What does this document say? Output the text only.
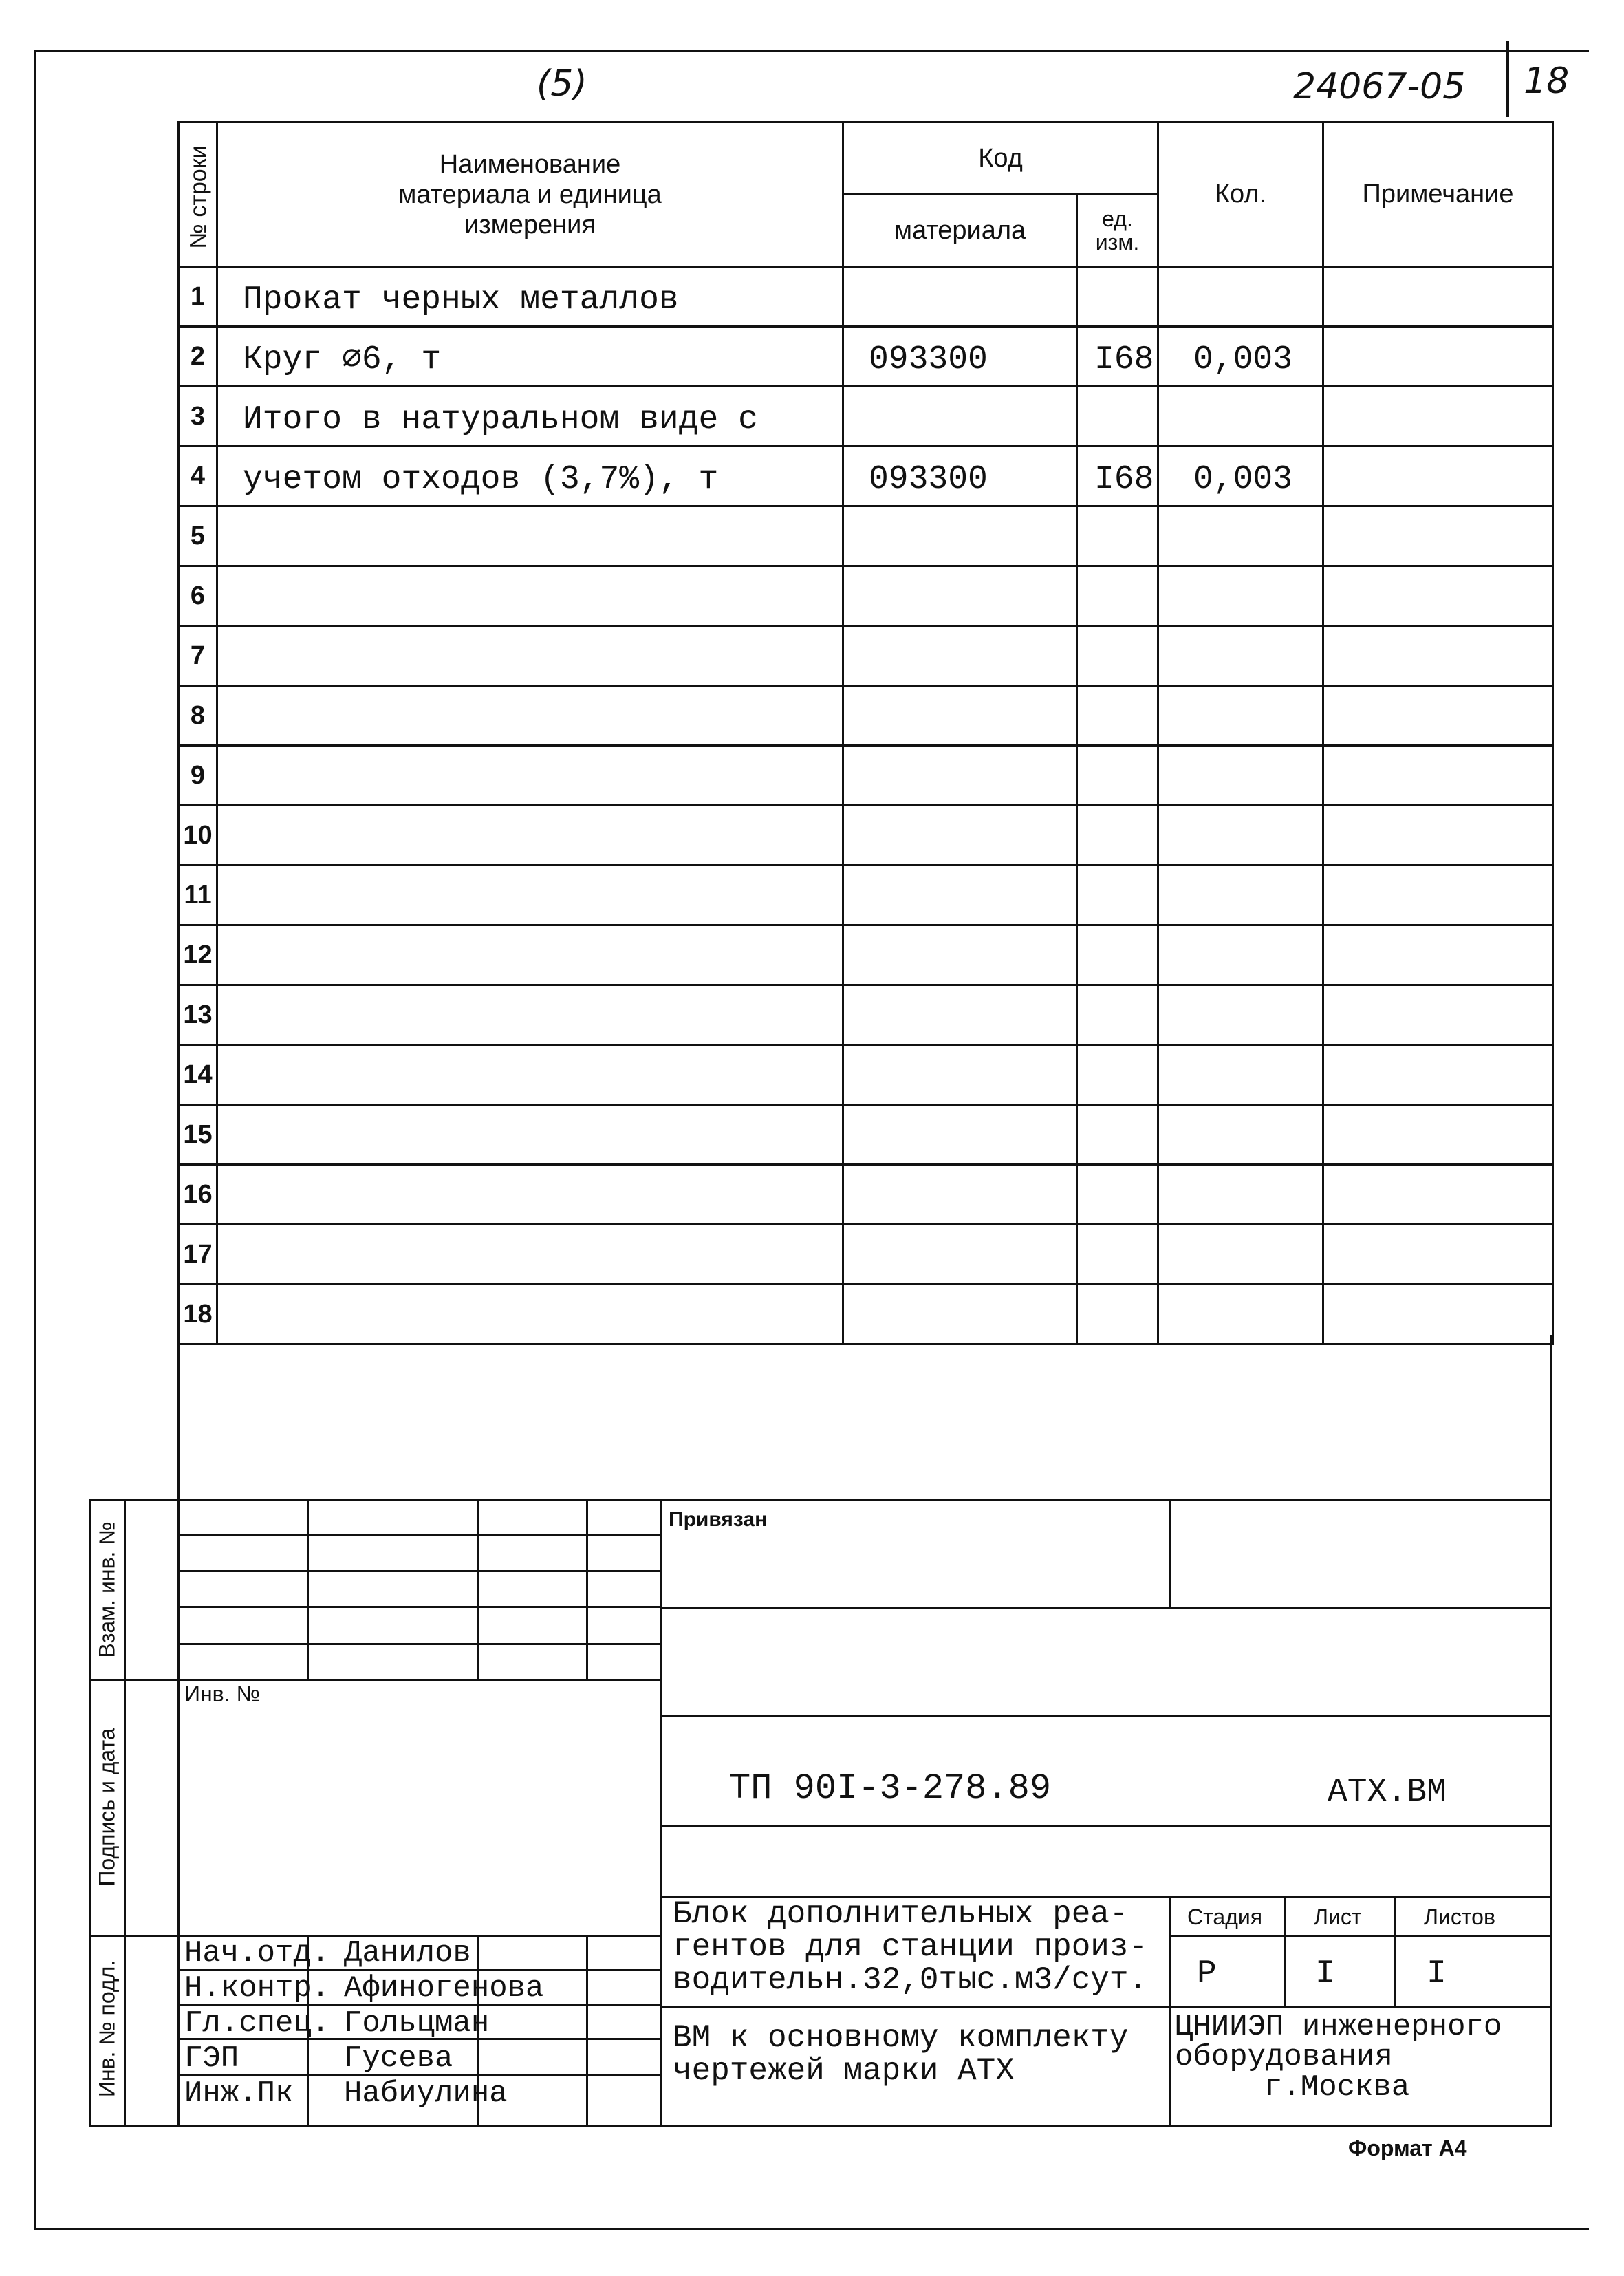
(5)	24067-05 18
№ строки	Наименование материала и единица измерения	Код		Кол.	Примечание
		материала	ед. изм.		

1	Прокат черных металлов				
2	Круг ∅6, т	093300	I68	0,003	
3	Итого в натуральном виде с				
4	учетом отходов (3,7%), т	093300	I68	0,003	
5					
6					
7					
8					
9					
10					
11					
12					
13					
14					
15					
16					
17					
18					
Взам. инв. №
Подпись и дата
Инв. № подл.
Инв. №
Нач.отд. Данилов
Н.контр. Афиногенова
Гл.спец. Гольцман
ГЭП	Гусева
Инж.Пк Набиулина
Привязан
ТП 90I-3-278.89	АТХ.ВМ
Блок дополнительных реа-
гентов для станции произ-
водительн.32,0тыс.м3/сут.
Стадия Лист	Листов
Р	I	I
ВМ к основному комплекту
чертежей марки АТХ
ЦНИИЭП инженерного
оборудования
г.Москва
Формат А4
